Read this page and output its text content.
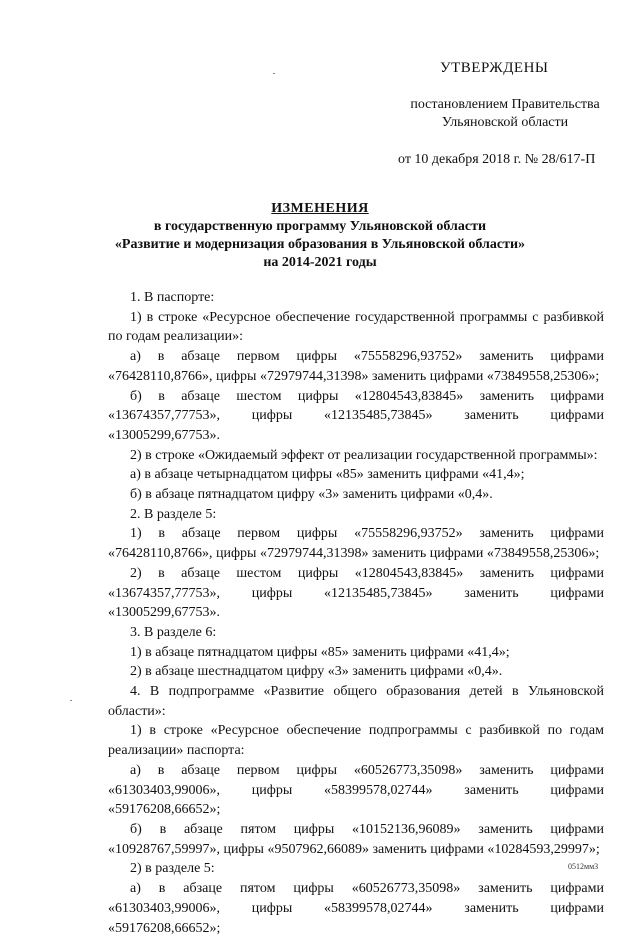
УТВЕРЖДЕНЫ
постановлением Правительства
Ульяновской области
от 10 декабря 2018 г. № 28/617-П
ИЗМЕНЕНИЯ
в государственную программу Ульяновской области
«Развитие и модернизация образования в Ульяновской области»
на 2014-2021 годы
1. В паспорте:
1) в строке «Ресурсное обеспечение государственной программы с разбивкой по годам реализации»:
а) в абзаце первом цифры «75558296,93752» заменить цифрами «76428110,8766», цифры «72979744,31398» заменить цифрами «73849558,25306»;
б) в абзаце шестом цифры «12804543,83845» заменить цифрами «13674357,77753», цифры «12135485,73845» заменить цифрами «13005299,67753».
2) в строке «Ожидаемый эффект от реализации государственной программы»:
а) в абзаце четырнадцатом цифры «85» заменить цифрами «41,4»;
б) в абзаце пятнадцатом цифру «3» заменить цифрами «0,4».
2. В разделе 5:
1) в абзаце первом цифры «75558296,93752» заменить цифрами «76428110,8766», цифры «72979744,31398» заменить цифрами «73849558,25306»;
2) в абзаце шестом цифры «12804543,83845» заменить цифрами «13674357,77753», цифры «12135485,73845» заменить цифрами «13005299,67753».
3. В разделе 6:
1) в абзаце пятнадцатом цифры «85» заменить цифрами «41,4»;
2) в абзаце шестнадцатом цифру «3» заменить цифрами «0,4».
4. В подпрограмме «Развитие общего образования детей в Ульяновской области»:
1) в строке «Ресурсное обеспечение подпрограммы с разбивкой по годам реализации» паспорта:
а) в абзаце первом цифры «60526773,35098» заменить цифрами «61303403,99006», цифры «58399578,02744» заменить цифрами «59176208,66652»;
б) в абзаце пятом цифры «10152136,96089» заменить цифрами «10928767,59997», цифры «9507962,66089» заменить цифрами «10284593,29997»;
2) в разделе 5:
а) в абзаце пятом цифры «60526773,35098» заменить цифрами «61303403,99006», цифры «58399578,02744» заменить цифрами «59176208,66652»;
0512мм3
